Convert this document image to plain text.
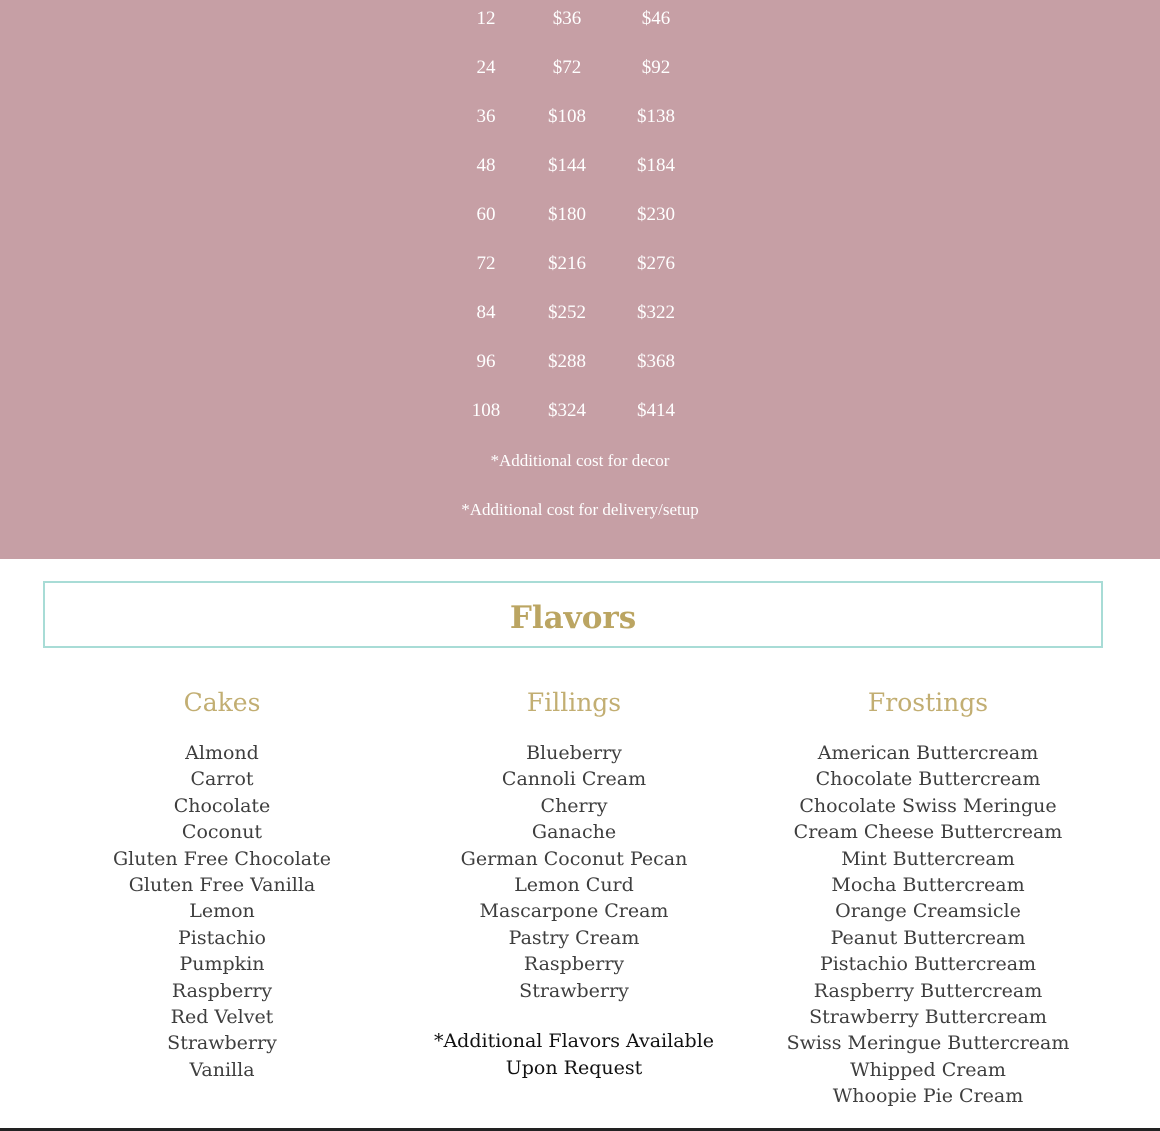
12	$36	$46
24	$72	$92
36	$108	$138
48	$144	$184
60	$180	$230
72	$216	$276
84	$252	$322
96	$288	$368
108	$324	$414
*Additional cost for decor
*Additional cost for delivery/setup
Flavors
Cakes
Almond
Carrot
Chocolate
Coconut
Gluten Free Chocolate
Gluten Free Vanilla
Lemon
Pistachio
Pumpkin
Raspberry
Red Velvet
Strawberry
Vanilla
Fillings
Blueberry
Cannoli Cream
Cherry
Ganache
German Coconut Pecan
Lemon Curd
Mascarpone Cream
Pastry Cream
Raspberry
Strawberry
*Additional Flavors Available
Upon Request
Frostings
American Buttercream
Chocolate Buttercream
Chocolate Swiss Meringue
Cream Cheese Buttercream
Mint Buttercream
Mocha Buttercream
Orange Creamsicle
Peanut Buttercream
Pistachio Buttercream
Raspberry Buttercream
Strawberry Buttercream
Swiss Meringue Buttercream
Whipped Cream
Whoopie Pie Cream
